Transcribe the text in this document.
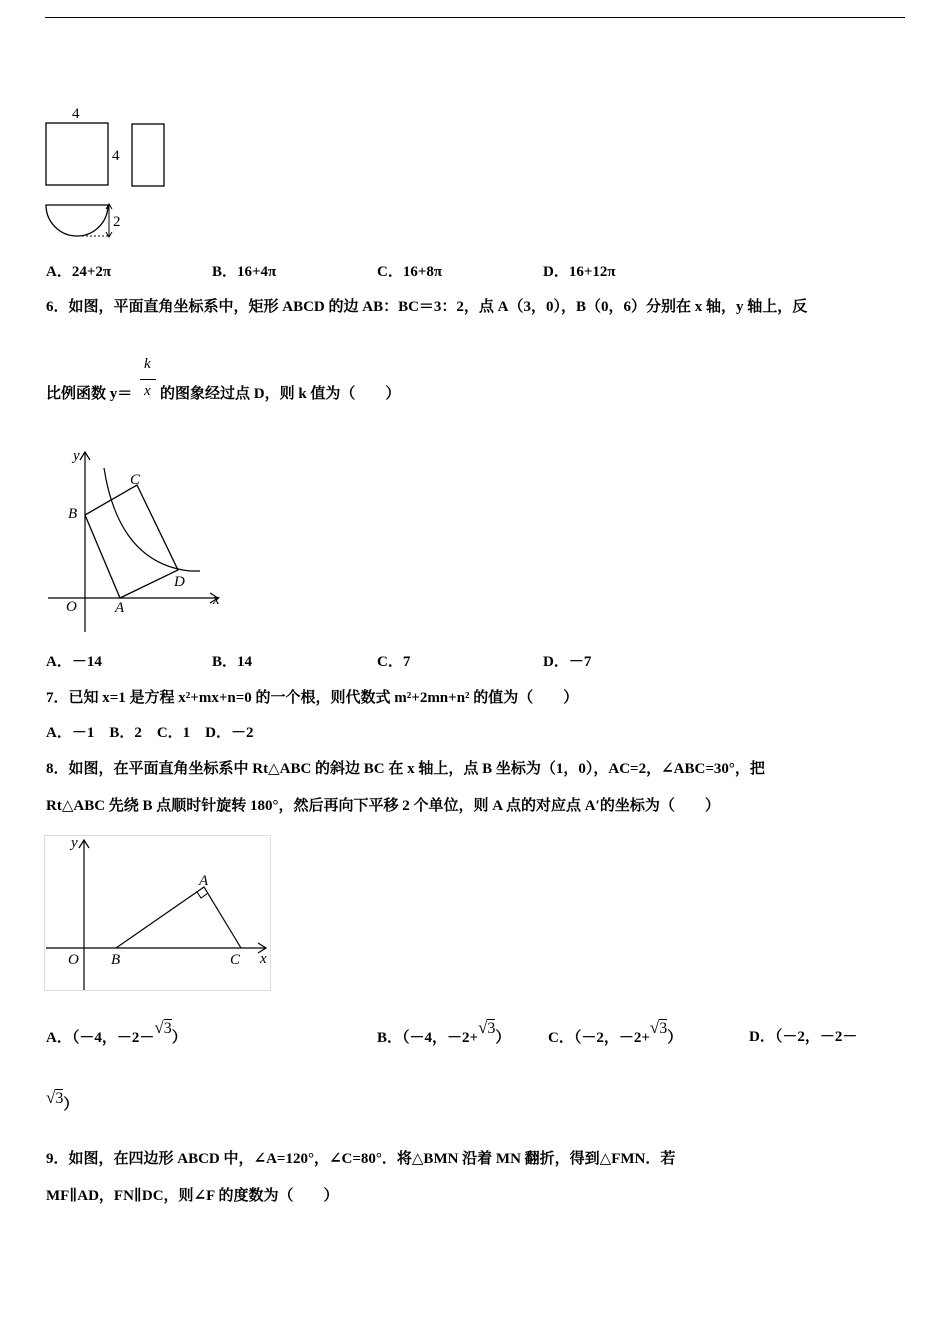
4
4
2
A．24+2π	B．16+4π	C．16+8π	D．16+12π
6．如图，平面直角坐标系中，矩形 ABCD 的边 AB：BC＝3：2，点 A（3，0），B（0，6）分别在 x 轴，y 轴上，反
比例函数 y＝
k
x 的图象经过点 D，则 k 值为（　　）
y
x
O	A
B
C
D
A．－14	B．14	C．7	D．－7
7．已知 x=1 是方程 x²+mx+n=0 的一个根，则代数式 m²+2mn+n² 的值为（　　）
A．－1　B．2　C．1　D．－2
8．如图，在平面直角坐标系中 Rt△ABC 的斜边 BC 在 x 轴上，点 B 坐标为（1，0），AC=2，∠ABC=30°，把
Rt△ABC 先绕 B 点顺时针旋转 180°，然后再向下平移 2 个单位，则 A 点的对应点 A′的坐标为（　　）
y
x
O
A
B	C
A．（－4，－2－√3）	B．（－4，－2+√3）	C．（－2，－2+√3）	D．（－2，－2－
√3）
9．如图，在四边形 ABCD 中，∠A=120°，∠C=80°．将△BMN 沿着 MN 翻折，得到△FMN．若
MF∥AD，FN∥DC，则∠F 的度数为（　　）
